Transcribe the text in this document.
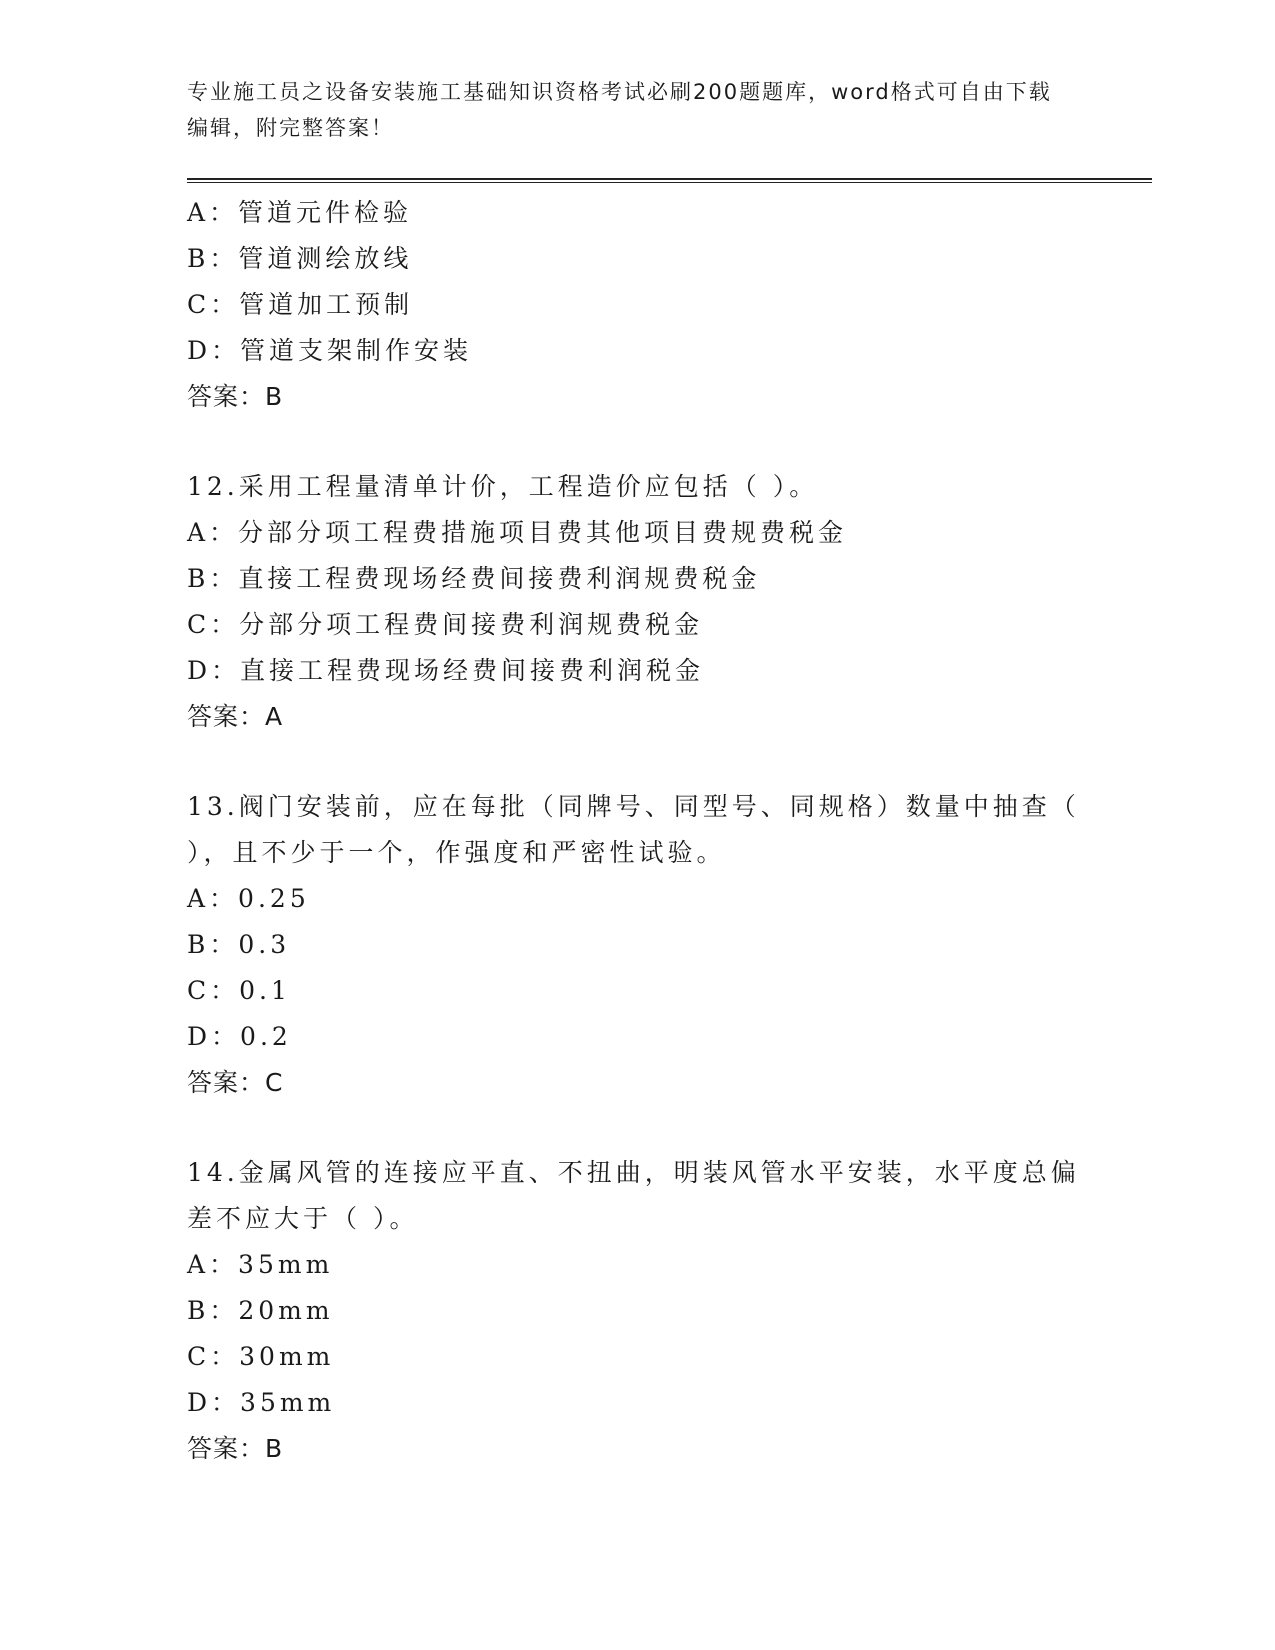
专业施工员之设备安装施工基础知识资格考试必刷200题题库，word格式可自由下载编辑，附完整答案！
A：管道元件检验
B：管道测绘放线
C：管道加工预制
D：管道支架制作安装
答案：B
12.采用工程量清单计价，工程造价应包括（ ）。
A：分部分项工程费措施项目费其他项目费规费税金
B：直接工程费现场经费间接费利润规费税金
C：分部分项工程费间接费利润规费税金
D：直接工程费现场经费间接费利润税金
答案：A
13.阀门安装前，应在每批（同牌号、同型号、同规格）数量中抽查（
），且不少于一个，作强度和严密性试验。
A：0.25
B：0.3
C：0.1
D：0.2
答案：C
14.金属风管的连接应平直、不扭曲，明装风管水平安装，水平度总偏
差不应大于（ ）。
A：35mm
B：20mm
C：30mm
D：35mm
答案：B
